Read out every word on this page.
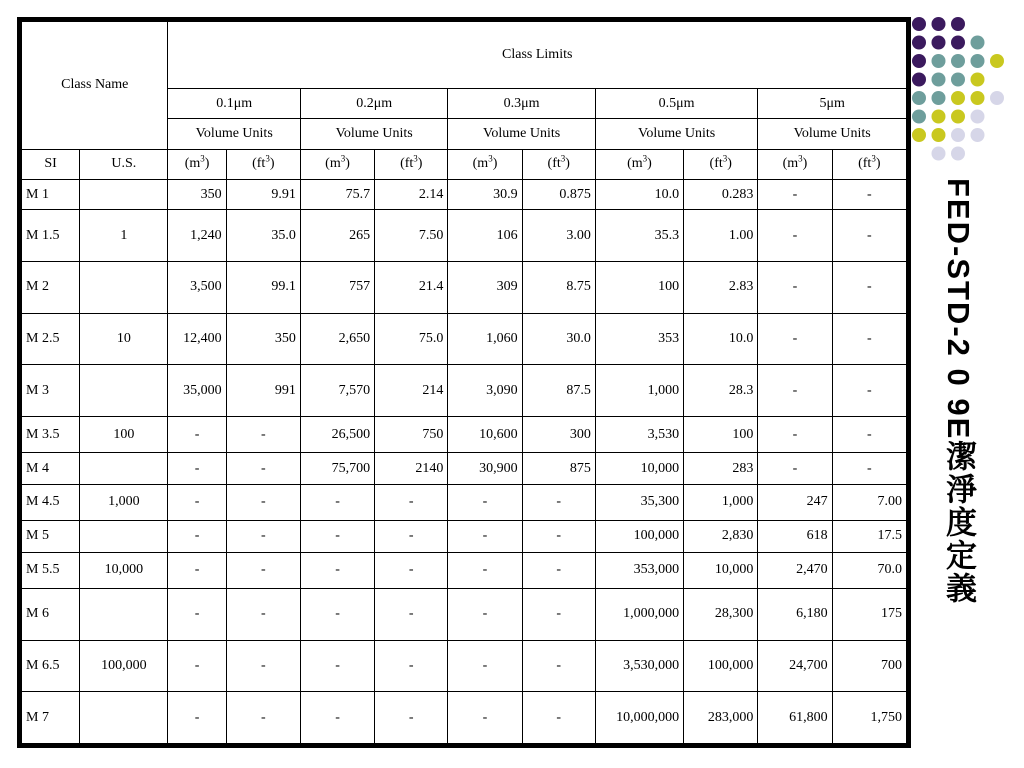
Class Name		Class Limits									
		0.1μm		0.2μm		0.3μm		0.5μm		5μm	
		Volume Units		Volume Units		Volume Units		Volume Units		Volume Units	
SI	U.S.	$(m^3)$	$(ft^3)$	$(m^3)$	$(ft^3)$	$(m^3)$	$(ft^3)$	$(m^3)$	$(ft^3)$	$(m^3)$	$(ft^3)$
M 1		350	9.91	75.7	2.14	30.9	0.875	10.0	0.283	-	-
M 1.5	1	1,240	35.0	265	7.50	106	3.00	35.3	1.00	-	-
M 2		3,500	99.1	757	21.4	309	8.75	100	2.83	-	-
M 2.5	10	12,400	350	2,650	75.0	1,060	30.0	353	10.0	-	-
M 3		35,000	991	7,570	214	3,090	87.5	1,000	28.3	-	-
M 3.5	100	-	-	26,500	750	10,600	300	3,530	100	-	-
M 4		-	-	75,700	2140	30,900	875	10,000	283	-	-
M 4.5	1,000	-	-	-	-	-	-	35,300	1,000	247	7.00
M 5		-	-	-	-	-	-	100,000	2,830	618	17.5
M 5.5	10,000	-	-	-	-	-	-	353,000	10,000	2,470	70.0
M 6		-	-	-	-	-	-	1,000,000	28,300	6,180	175
M 6.5	100,000	-	-	-	-	-	-	3,530,000	100,000	24,700	700
M 7		-	-	-	-	-	-	10,000,000	283,000	61,800	1,750
FED-STD-2 0 9E潔淨度定義
